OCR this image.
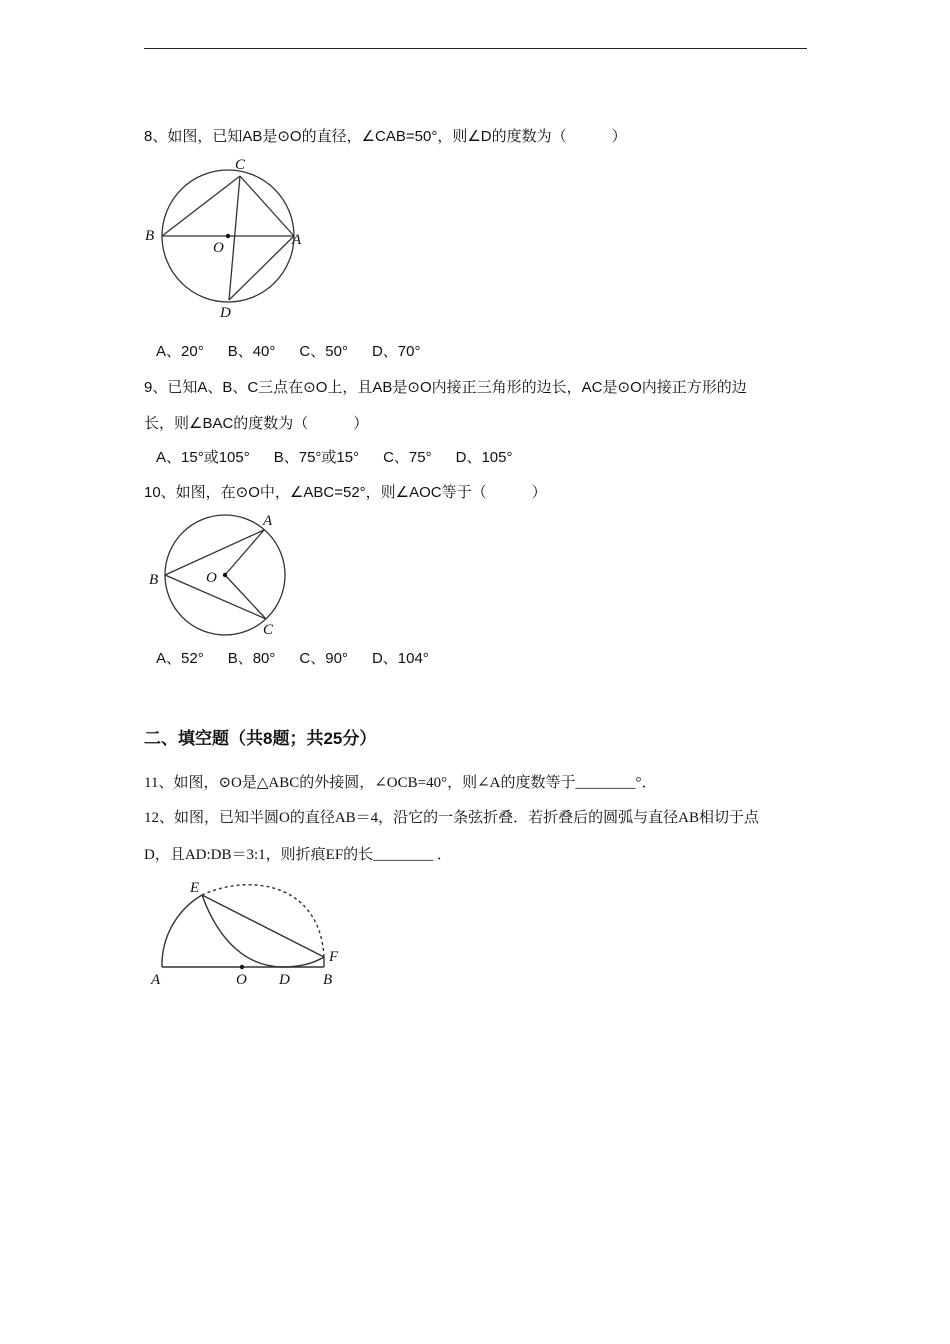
8、如图，已知AB是⊙O的直径，∠CAB=50°，则∠D的度数为（　　　）
C
B	A
O
D
A、20° B、40° C、50° D、70°
9、已知A、B、C三点在⊙O上，且AB是⊙O内接正三角形的边长，AC是⊙O内接正方形的边
长，则∠BAC的度数为（　　　）
A、15°或105° B、75°或15° C、75° D、105°
10、如图，在⊙O中，∠ABC=52°，则∠AOC等于（　　　）
A
B	O
C
A、52° B、80° C、90° D、104°
二、填空题（共8题；共25分）
11、如图，⊙O是△ABC的外接圆，∠OCB=40°，则∠A的度数等于________°．
12、如图，已知半圆O的直径AB＝4，沿它的一条弦折叠．若折叠后的圆弧与直径AB相切于点
D，且AD:DB＝3:1，则折痕EF的长________ ．
E
F
A	O D B
